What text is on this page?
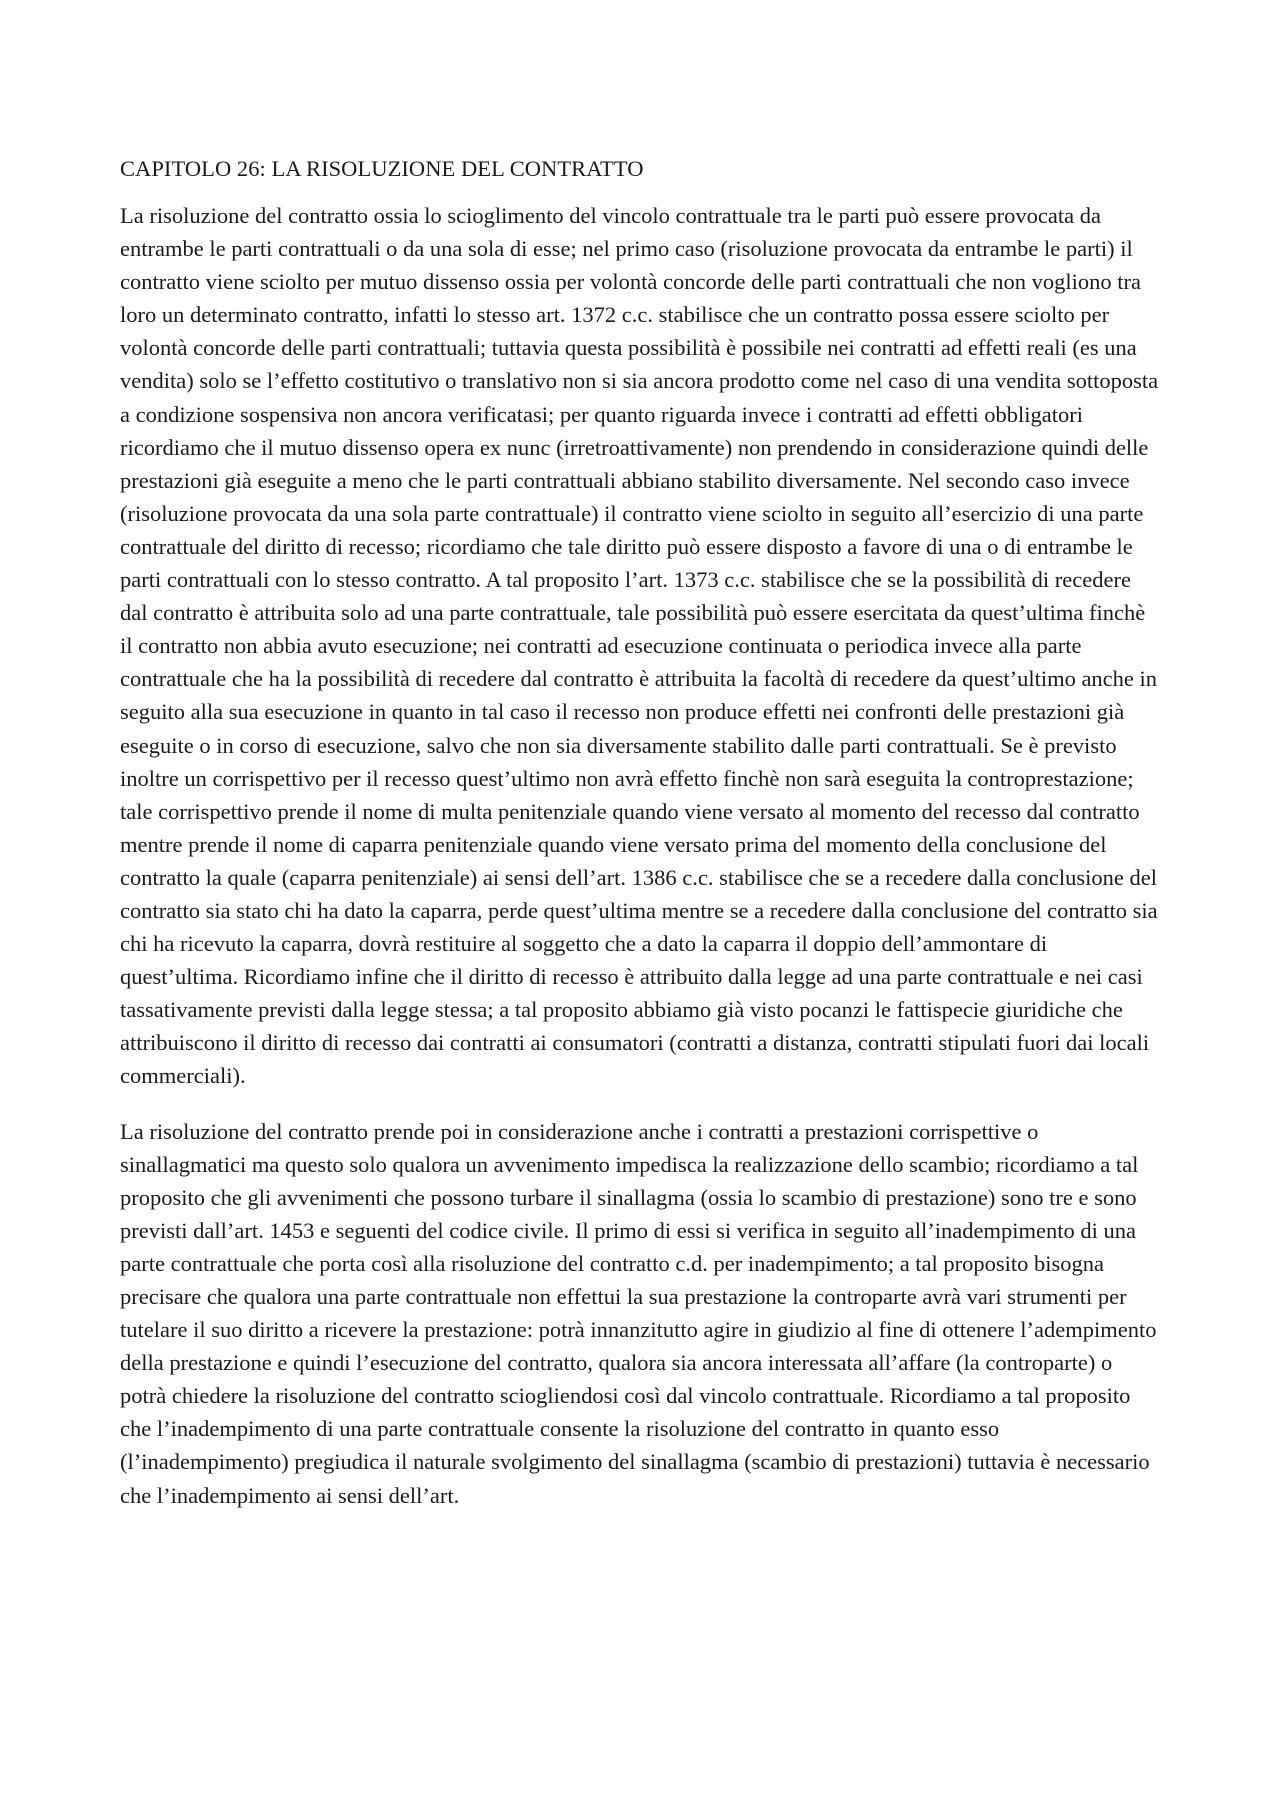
CAPITOLO 26: LA RISOLUZIONE DEL CONTRATTO

La risoluzione del contratto ossia lo scioglimento del vincolo contrattuale tra le parti può essere provocata da entrambe le parti contrattuali o da una sola di esse; nel primo caso (risoluzione provocata da entrambe le parti) il contratto viene sciolto per mutuo dissenso ossia per volontà concorde delle parti contrattuali che non vogliono tra loro un determinato contratto, infatti lo stesso art. 1372 c.c. stabilisce che un contratto possa essere sciolto per volontà concorde delle parti contrattuali; tuttavia questa possibilità è possibile nei contratti ad effetti reali (es una vendita) solo se l’effetto costitutivo o translativo non si sia ancora prodotto come nel caso di una vendita sottoposta a condizione sospensiva non ancora verificatasi; per quanto riguarda invece i contratti ad effetti obbligatori ricordiamo che il mutuo dissenso opera ex nunc (irretroattivamente) non prendendo in considerazione quindi delle prestazioni già eseguite a meno che le parti contrattuali abbiano stabilito diversamente. Nel secondo caso invece (risoluzione provocata da una sola parte contrattuale) il contratto viene sciolto in seguito all’esercizio di una parte contrattuale del diritto di recesso; ricordiamo che tale diritto può essere disposto a favore di una o di entrambe le parti contrattuali con lo stesso contratto. A tal proposito l’art. 1373 c.c. stabilisce che se la possibilità di recedere dal contratto è attribuita solo ad una parte contrattuale, tale possibilità può essere esercitata da quest’ultima finchè il contratto non abbia avuto esecuzione; nei contratti ad esecuzione continuata o periodica invece alla parte contrattuale che ha la possibilità di recedere dal contratto è attribuita la facoltà di recedere da quest’ultimo anche in seguito alla sua esecuzione in quanto in tal caso il recesso non produce effetti nei confronti delle prestazioni già eseguite o in corso di esecuzione, salvo che non sia diversamente stabilito dalle parti contrattuali. Se è previsto inoltre un corrispettivo per il recesso quest’ultimo non avrà effetto finchè non sarà eseguita la controprestazione; tale corrispettivo prende il nome di multa penitenziale quando viene versato al momento del recesso dal contratto mentre prende il nome di caparra penitenziale quando viene versato prima del momento della conclusione del contratto la quale (caparra penitenziale) ai sensi dell’art. 1386 c.c. stabilisce che se a recedere dalla conclusione del contratto sia stato chi ha dato la caparra, perde quest’ultima mentre se a recedere dalla conclusione del contratto sia chi ha ricevuto la caparra, dovrà restituire al soggetto che a dato la caparra il doppio dell’ammontare di quest’ultima. Ricordiamo infine che il diritto di recesso è attribuito dalla legge ad una parte contrattuale e nei casi tassativamente previsti dalla legge stessa; a tal proposito abbiamo già visto pocanzi le fattispecie giuridiche che attribuiscono il diritto di recesso dai contratti ai consumatori (contratti a distanza, contratti stipulati fuori dai locali commerciali).

La risoluzione del contratto prende poi in considerazione anche i contratti a prestazioni corrispettive o sinallagmatici ma questo solo qualora un avvenimento impedisca la realizzazione dello scambio; ricordiamo a tal proposito che gli avvenimenti che possono turbare il sinallagma (ossia lo scambio di prestazione) sono tre e sono previsti dall’art. 1453 e seguenti del codice civile. Il primo di essi si verifica in seguito all’inadempimento di una parte contrattuale che porta così alla risoluzione del contratto c.d. per inadempimento; a tal proposito bisogna precisare che qualora una parte contrattuale non effettui la sua prestazione la controparte avrà vari strumenti per tutelare il suo diritto a ricevere la prestazione: potrà innanzitutto agire in giudizio al fine di ottenere l’adempimento della prestazione e quindi l’esecuzione del contratto, qualora sia ancora interessata all’affare (la controparte) o potrà chiedere la risoluzione del contratto sciogliendosi così dal vincolo contrattuale. Ricordiamo a tal proposito che l’inadempimento di una parte contrattuale consente la risoluzione del contratto in quanto esso (l’inadempimento) pregiudica il naturale svolgimento del sinallagma (scambio di prestazioni) tuttavia è necessario che l’inadempimento ai sensi dell’art.
